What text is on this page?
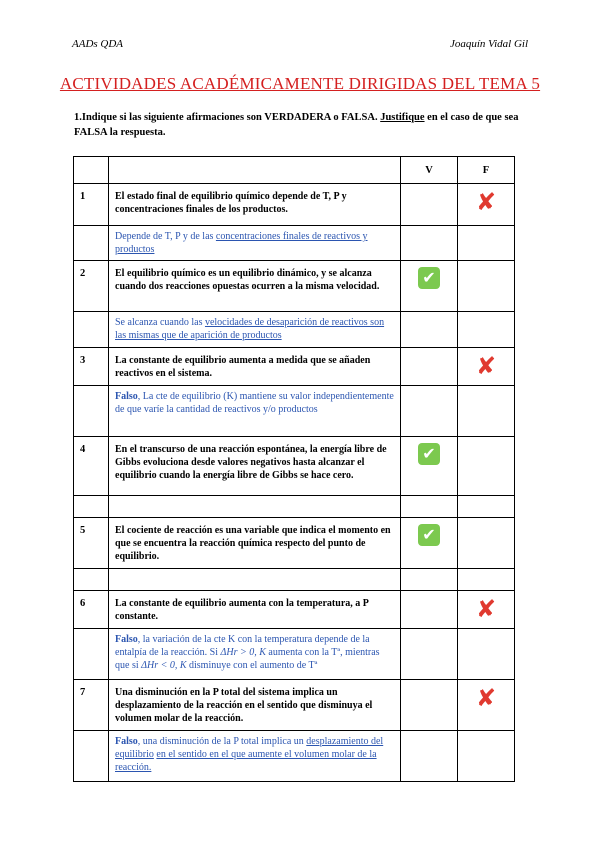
AADs QDA	Joaquín Vidal Gil
ACTIVIDADES ACADÉMICAMENTE DIRIGIDAS DEL TEMA 5
1.Indique si las siguiente afirmaciones son VERDADERA o FALSA. Justifique en el caso de que sea FALSA la respuesta.
		V	F
1	El estado final de equilibrio químico depende de T, P y concentraciones finales de los productos.		✘
	Depende de T, P y de las concentraciones finales de reactivos y productos		
2	El equilibrio químico es un equilibrio dinámico, y se alcanza cuando dos reacciones opuestas ocurren a la misma velocidad.	✔	
	Se alcanza cuando las velocidades de desaparición de reactivos son las mismas que de aparición de productos		
3	La constante de equilibrio aumenta a medida que se añaden reactivos en el sistema.		✘
	Falso, La cte de equilibrio (K) mantiene su valor independientemente de que varíe la cantidad de reactivos y/o productos		
4	En el transcurso de una reacción espontánea, la energía libre de Gibbs evoluciona desde valores negativos hasta alcanzar el equilibrio cuando la energía libre de Gibbs se hace cero.	✔	

5	El cociente de reacción es una variable que indica el momento en que se encuentra la reacción química respecto del punto de equilibrio.	✔	

6	La constante de equilibrio aumenta con la temperatura, a P constante.		✘
	Falso, la variación de la cte K con la temperatura depende de la entalpía de la reacción. Si ΔHr > 0, K aumenta con la Tª, mientras que si ΔHr < 0, K disminuye con el aumento de Tª		
7	Una disminución en la P total del sistema implica un desplazamiento de la reacción en el sentido que disminuya el volumen molar de la reacción.		✘
	Falso, una disminución de la P total implica un desplazamiento del equilibrio en el sentido en el que aumente el volumen molar de la reacción.		
